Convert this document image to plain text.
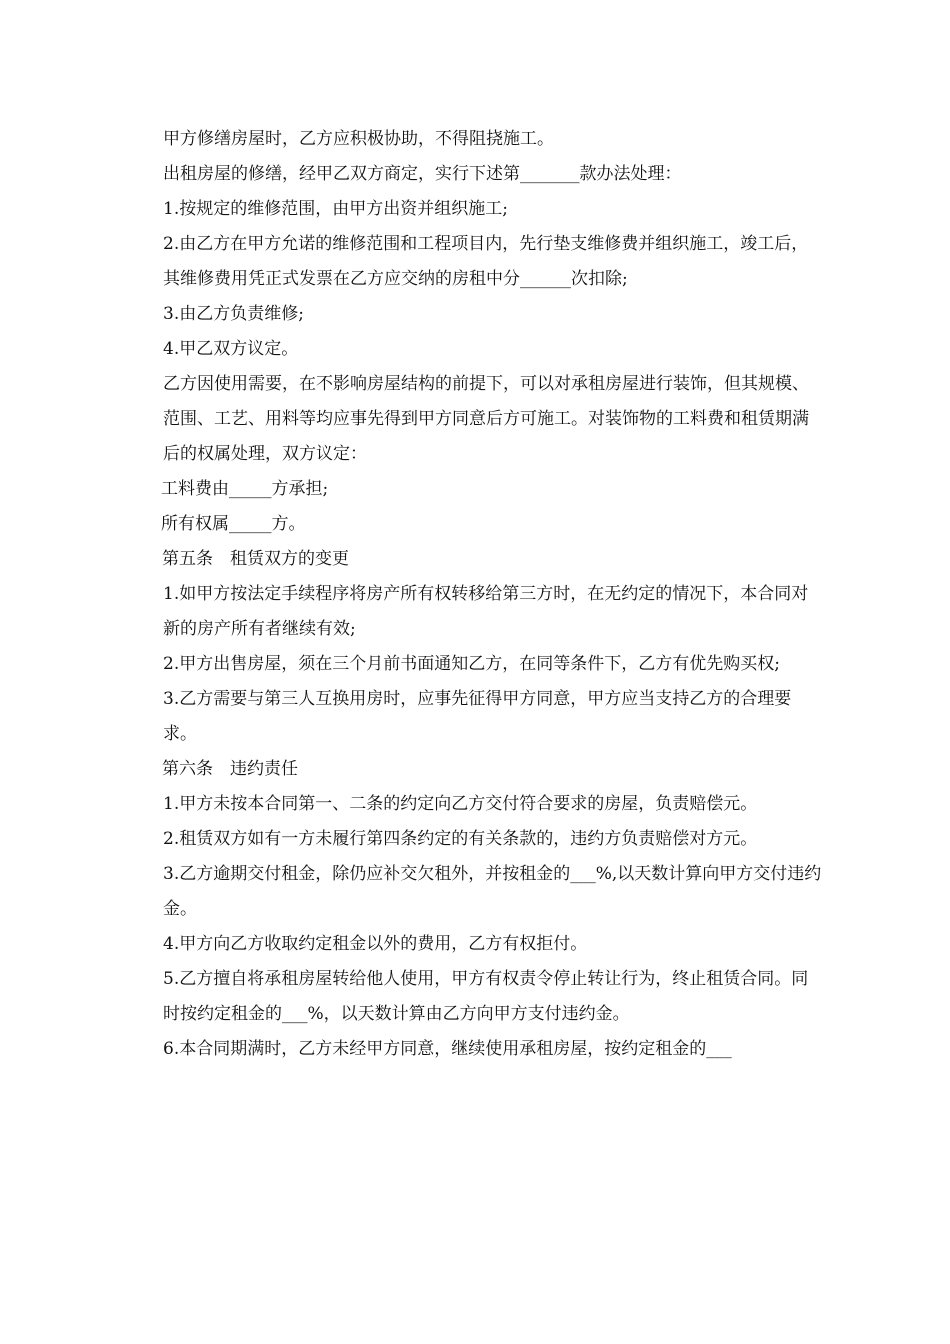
甲方修缮房屋时，乙方应积极协助，不得阻挠施工。

出租房屋的修缮，经甲乙双方商定，实行下述第_______款办法处理：

1.按规定的维修范围，由甲方出资并组织施工;

2.由乙方在甲方允诺的维修范围和工程项目内，先行垫支维修费并组织施工，竣工后，其维修费用凭正式发票在乙方应交纳的房租中分______次扣除;

3.由乙方负责维修;

4.甲乙双方议定。

乙方因使用需要，在不影响房屋结构的前提下，可以对承租房屋进行装饰，但其规模、范围、工艺、用料等均应事先得到甲方同意后方可施工。对装饰物的工料费和租赁期满后的权属处理，双方议定：

工料费由_____方承担;

所有权属_____方。

第五条　租赁双方的变更

1.如甲方按法定手续程序将房产所有权转移给第三方时，在无约定的情况下，本合同对新的房产所有者继续有效;

2.甲方出售房屋，须在三个月前书面通知乙方，在同等条件下，乙方有优先购买权;

3.乙方需要与第三人互换用房时，应事先征得甲方同意，甲方应当支持乙方的合理要求。

第六条　违约责任

1.甲方未按本合同第一、二条的约定向乙方交付符合要求的房屋，负责赔偿元。

2.租赁双方如有一方未履行第四条约定的有关条款的，违约方负责赔偿对方元。

3.乙方逾期交付租金，除仍应补交欠租外，并按租金的___%,以天数计算向甲方交付违约金。

4.甲方向乙方收取约定租金以外的费用，乙方有权拒付。

5.乙方擅自将承租房屋转给他人使用，甲方有权责令停止转让行为，终止租赁合同。同时按约定租金的___%，以天数计算由乙方向甲方支付违约金。

6.本合同期满时，乙方未经甲方同意，继续使用承租房屋，按约定租金的___
